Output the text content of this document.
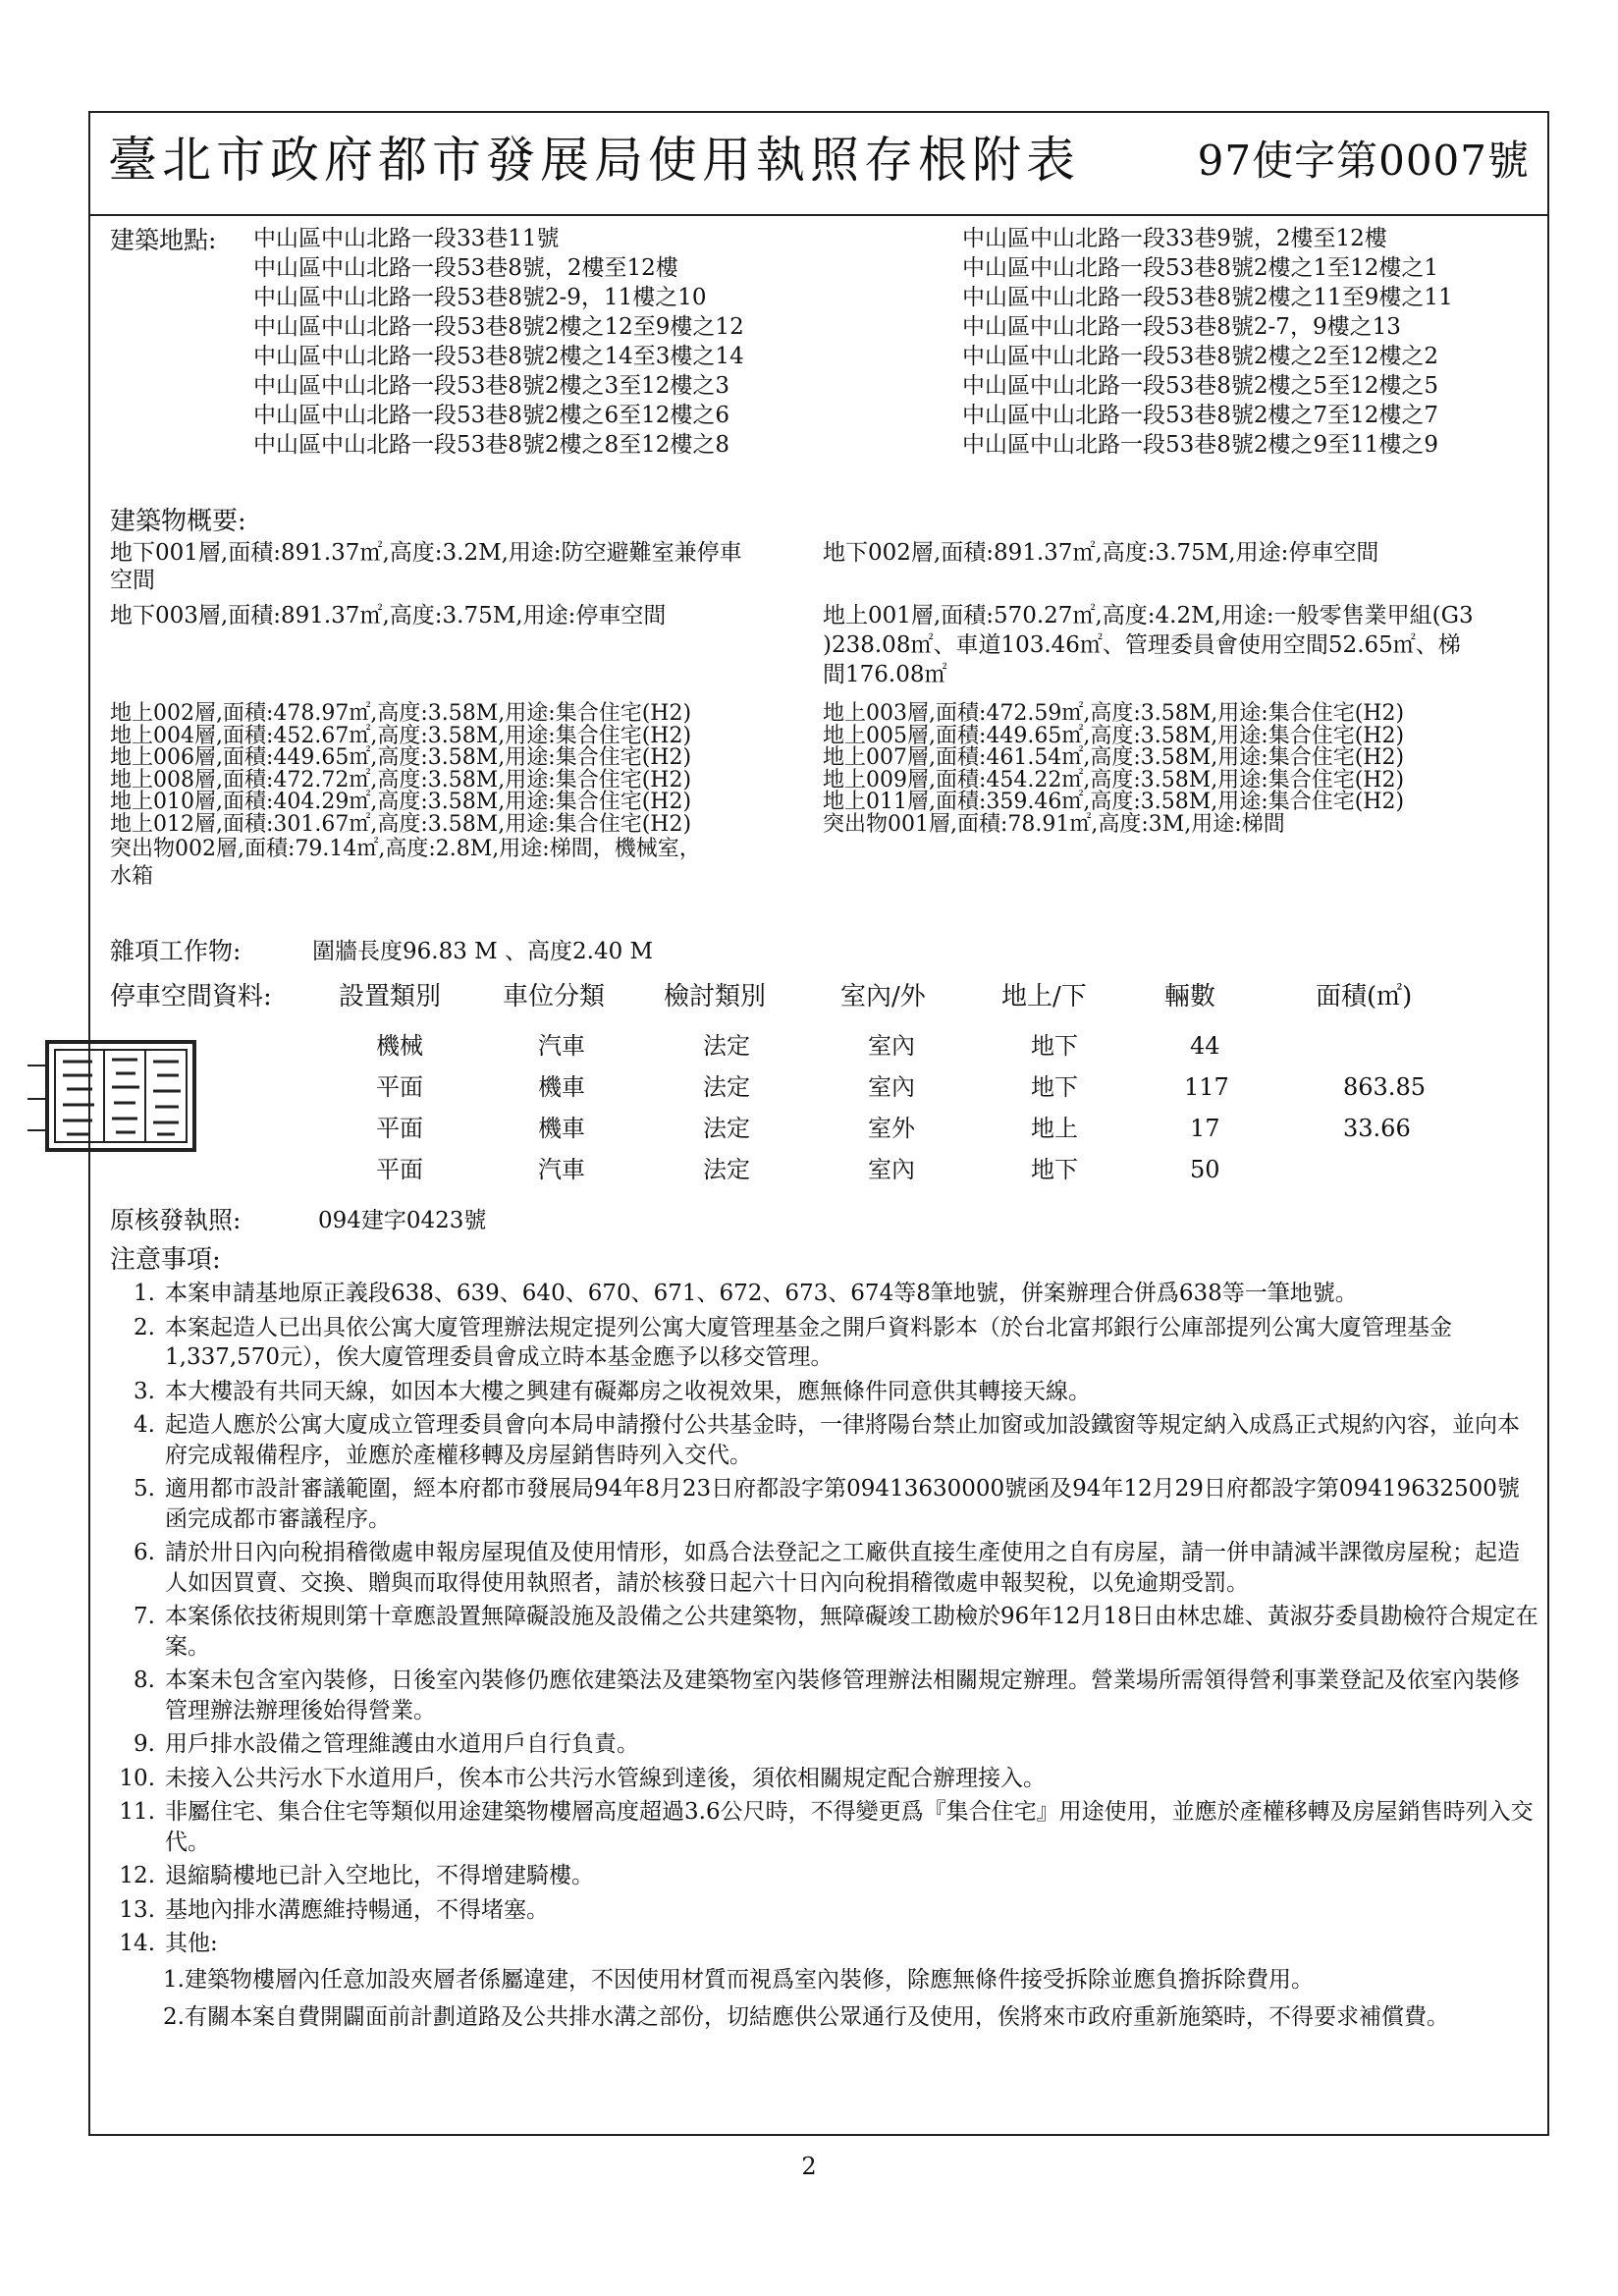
臺北市政府都市發展局使用執照存根附表	97使字第0007號
建築地點: 中山區中山北路一段33巷11號
中山區中山北路一段53巷8號，2樓至12樓
中山區中山北路一段53巷8號2-9，11樓之10
中山區中山北路一段53巷8號2樓之12至9樓之12
中山區中山北路一段53巷8號2樓之14至3樓之14
中山區中山北路一段53巷8號2樓之3至12樓之3
中山區中山北路一段53巷8號2樓之6至12樓之6
中山區中山北路一段53巷8號2樓之8至12樓之8
中山區中山北路一段33巷9號，2樓至12樓
中山區中山北路一段53巷8號2樓之1至12樓之1
中山區中山北路一段53巷8號2樓之11至9樓之11
中山區中山北路一段53巷8號2-7，9樓之13
中山區中山北路一段53巷8號2樓之2至12樓之2
中山區中山北路一段53巷8號2樓之5至12樓之5
中山區中山北路一段53巷8號2樓之7至12樓之7
中山區中山北路一段53巷8號2樓之9至11樓之9
建築物概要:
地下001層,面積:891.37㎡,高度:3.2M,用途:防空避難室兼停車
空間
地下002層,面積:891.37㎡,高度:3.75M,用途:停車空間
地下003層,面積:891.37㎡,高度:3.75M,用途:停車空間	地上001層,面積:570.27㎡,高度:4.2M,用途:一般零售業甲組(G3
)238.08㎡、車道103.46㎡、管理委員會使用空間52.65㎡、梯
間176.08㎡
地上002層,面積:478.97㎡,高度:3.58M,用途:集合住宅(H2)
地上004層,面積:452.67㎡,高度:3.58M,用途:集合住宅(H2)
地上006層,面積:449.65㎡,高度:3.58M,用途:集合住宅(H2)
地上008層,面積:472.72㎡,高度:3.58M,用途:集合住宅(H2)
地上010層,面積:404.29㎡,高度:3.58M,用途:集合住宅(H2)
地上012層,面積:301.67㎡,高度:3.58M,用途:集合住宅(H2)
突出物002層,面積:79.14㎡,高度:2.8M,用途:梯間，機械室，
水箱
地上003層,面積:472.59㎡,高度:3.58M,用途:集合住宅(H2)
地上005層,面積:449.65㎡,高度:3.58M,用途:集合住宅(H2)
地上007層,面積:461.54㎡,高度:3.58M,用途:集合住宅(H2)
地上009層,面積:454.22㎡,高度:3.58M,用途:集合住宅(H2)
地上011層,面積:359.46㎡,高度:3.58M,用途:集合住宅(H2)
突出物001層,面積:78.91㎡,高度:3M,用途:梯間
雜項工作物:	圍牆長度96.83 M 、高度2.40 M
停車空間資料:	設置類別 車位分類 檢討類別	室內/外	地上/下	輛數	面積(㎡)
機械	汽車	法定	室內	地下	44
平面	機車	法定	室內	地下	117	863.85
平面	機車	法定	室外	地上	17	33.66
平面	汽車	法定	室內	地下	50
原核發執照:	094建字0423號
注意事項:
1. 本案申請基地原正義段638、639、640、670、671、672、673、674等8筆地號，併案辦理合併爲638等一筆地號。
2. 本案起造人已出具依公寓大廈管理辦法規定提列公寓大廈管理基金之開戶資料影本（於台北富邦銀行公庫部提列公寓大廈管理基金1,337,570元），俟大廈管理委員會成立時本基金應予以移交管理。
3. 本大樓設有共同天線，如因本大樓之興建有礙鄰房之收視效果，應無條件同意供其轉接天線。
4. 起造人應於公寓大廈成立管理委員會向本局申請撥付公共基金時，一律將陽台禁止加窗或加設鐵窗等規定納入成爲正式規約內容，並向本府完成報備程序，並應於產權移轉及房屋銷售時列入交代。
5. 適用都市設計審議範圍，經本府都市發展局94年8月23日府都設字第09413630000號函及94年12月29日府都設字第09419632500號函完成都市審議程序。
6. 請於卅日內向稅捐稽徵處申報房屋現值及使用情形，如爲合法登記之工廠供直接生產使用之自有房屋，請一併申請減半課徵房屋稅；起造人如因買賣、交換、贈與而取得使用執照者，請於核發日起六十日內向稅捐稽徵處申報契稅，以免逾期受罰。
7. 本案係依技術規則第十章應設置無障礙設施及設備之公共建築物，無障礙竣工勘檢於96年12月18日由林忠雄、黃淑芬委員勘檢符合規定在案。
8. 本案未包含室內裝修，日後室內裝修仍應依建築法及建築物室內裝修管理辦法相關規定辦理。營業場所需領得營利事業登記及依室內裝修管理辦法辦理後始得營業。
9. 用戶排水設備之管理維護由水道用戶自行負責。
10. 未接入公共污水下水道用戶，俟本市公共污水管線到達後，須依相關規定配合辦理接入。
11. 非屬住宅、集合住宅等類似用途建築物樓層高度超過3.6公尺時，不得變更爲『集合住宅』用途使用，並應於產權移轉及房屋銷售時列入交代。
12. 退縮騎樓地已計入空地比，不得增建騎樓。
13. 基地內排水溝應維持暢通，不得堵塞。
14. 其他:
1.建築物樓層內任意加設夾層者係屬違建，不因使用材質而視爲室內裝修，除應無條件接受拆除並應負擔拆除費用。
2.有關本案自費開闢面前計劃道路及公共排水溝之部份，切結應供公眾通行及使用，俟將來市政府重新施築時，不得要求補償費。
2
